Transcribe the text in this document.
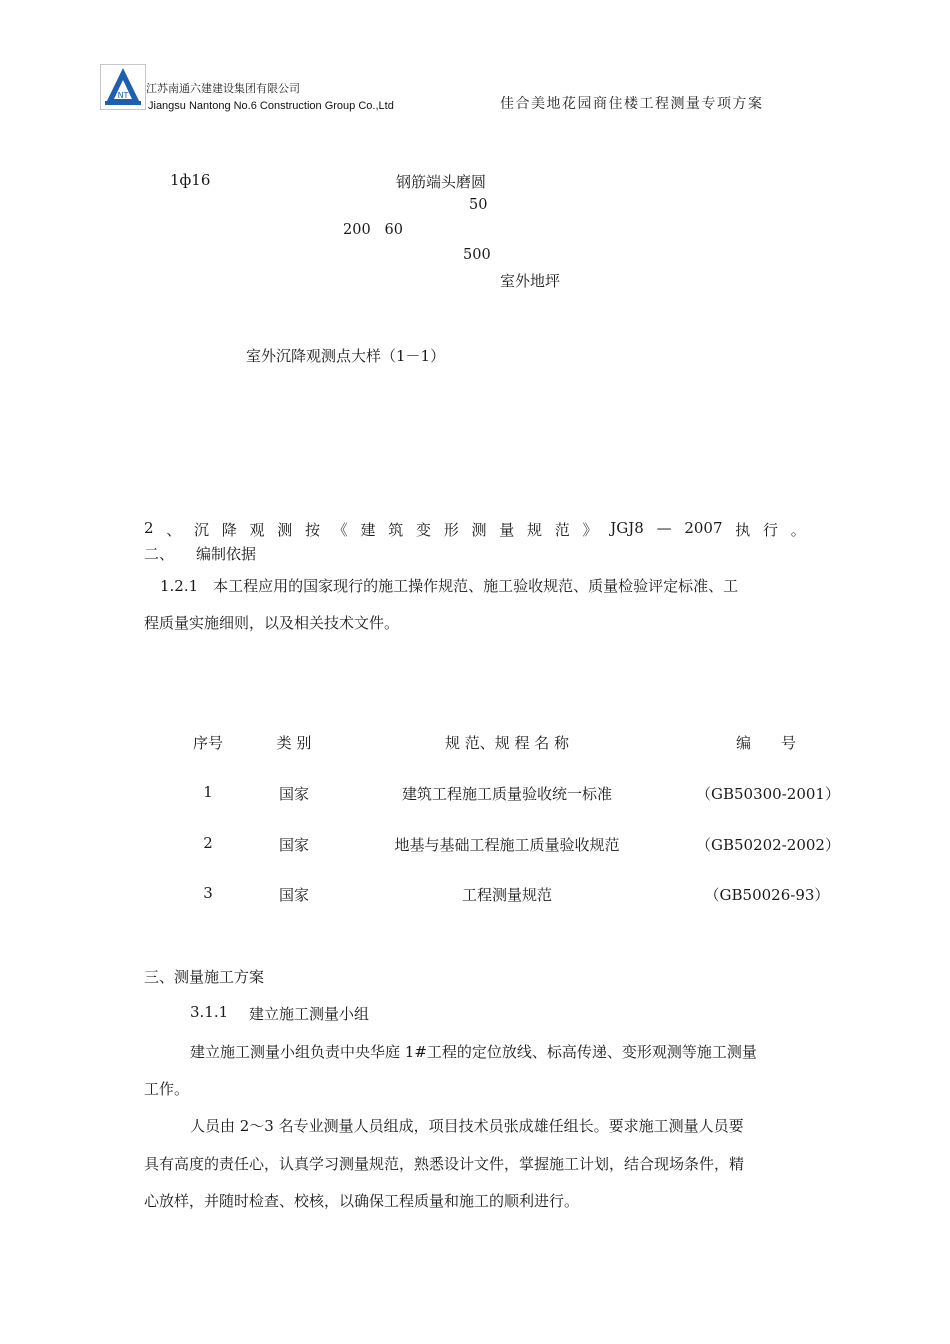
NT
江苏南通六建建设集团有限公司
Jiangsu Nantong No.6 Construction Group Co.,Ltd	佳合美地花园商住楼工程测量专项方案
1ф16	钢筋端头磨圆
50
200   60
500
室外地坪
室外沉降观测点大样（1－1）
2 、 沉 降 观 测 按 《 建 筑 变 形 测 量 规 范 》 JGJ8 — 2007 执 行 。
二、 编制依据
1.2.1　本工程应用的国家现行的施工操作规范、施工验收规范、质量检验评定标准、工
程质量实施细则，以及相关技术文件。
序号	类 别	规 范、规 程 名 称	编　　号
1	国家	建筑工程施工质量验收统一标准	（GB50300-2001）
2	国家	地基与基础工程施工质量验收规范	（GB50202-2002）
3	国家	工程测量规范	（GB50026-93）
三、测量施工方案
3.1.1 建立施工测量小组
建立施工测量小组负责中央华庭 1#工程的定位放线、标高传递、变形观测等施工测量
工作。
人员由 2～3 名专业测量人员组成，项目技术员张成雄任组长。要求施工测量人员要
具有高度的责任心，认真学习测量规范，熟悉设计文件，掌握施工计划，结合现场条件，精
心放样，并随时检查、校核，以确保工程质量和施工的顺利进行。
